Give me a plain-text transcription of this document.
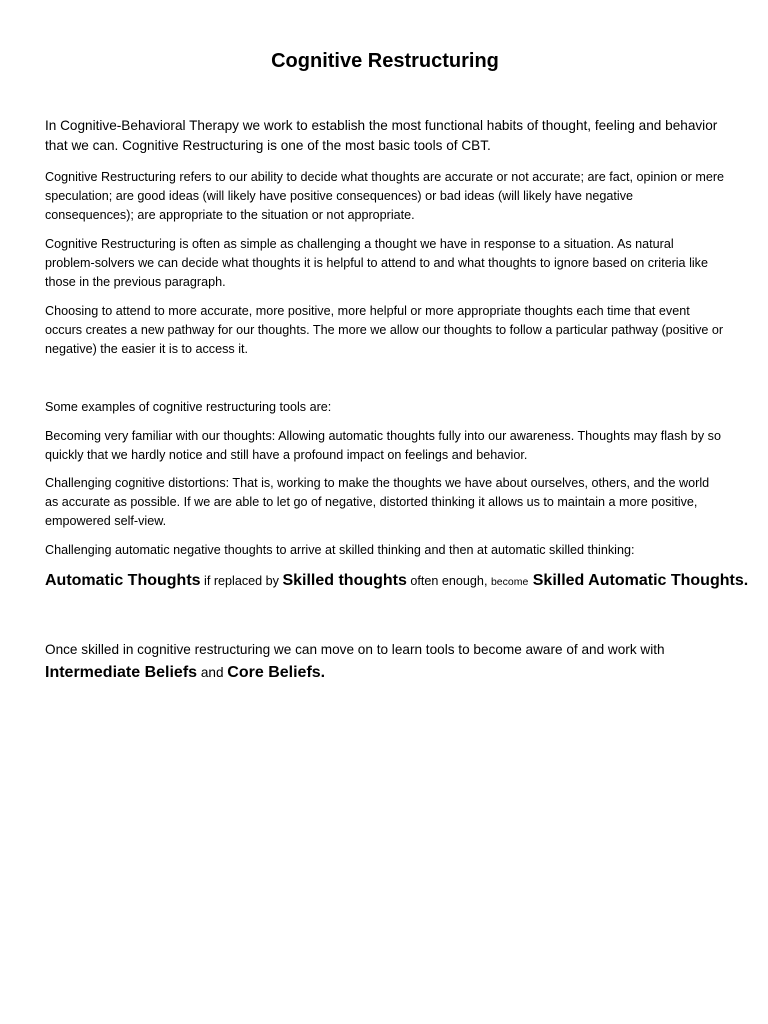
Cognitive Restructuring

In Cognitive-Behavioral Therapy we work to establish the most functional habits of thought, feeling and behavior that we can. Cognitive Restructuring is one of the most basic tools of CBT.

Cognitive Restructuring refers to our ability to decide what thoughts are accurate or not accurate; are fact, opinion or mere speculation; are good ideas (will likely have positive consequences) or bad ideas (will likely have negative consequences); are appropriate to the situation or not appropriate.

Cognitive Restructuring is often as simple as challenging a thought we have in response to a situation. As natural problem-solvers we can decide what thoughts it is helpful to attend to and what thoughts to ignore based on criteria like those in the previous paragraph.

Choosing to attend to more accurate, more positive, more helpful or more appropriate thoughts each time that event occurs creates a new pathway for our thoughts. The more we allow our thoughts to follow a particular pathway (positive or negative) the easier it is to access it.

Some examples of cognitive restructuring tools are:

Becoming very familiar with our thoughts: Allowing automatic thoughts fully into our awareness. Thoughts may flash by so quickly that we hardly notice and still have a profound impact on feelings and behavior.

Challenging cognitive distortions: That is, working to make the thoughts we have about ourselves, others, and the world as accurate as possible. If we are able to let go of negative, distorted thinking it allows us to maintain a more positive, empowered self-view.

Challenging automatic negative thoughts to arrive at skilled thinking and then at automatic skilled thinking:

Automatic Thoughts if replaced by Skilled thoughts often enough, become Skilled Automatic Thoughts.

Once skilled in cognitive restructuring we can move on to learn tools to become aware of and work with
Intermediate Beliefs and Core Beliefs.
